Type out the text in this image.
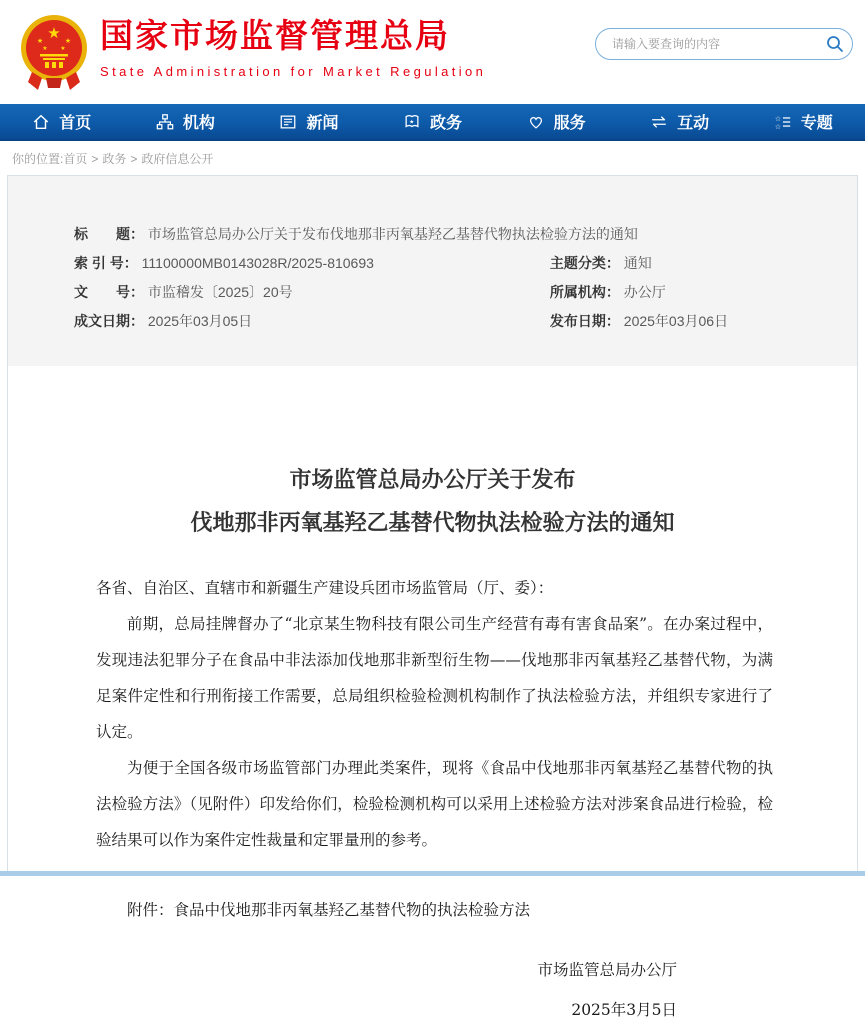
★
★	★
★ ★ 国家市场监督管理总局
State Administration for Market Regulation
请输入要查询的内容
首页	机构	新闻	★ 政务	服务	互动	☆
☆ 专题
你的位置:首页 > 政务 > 政府信息公开
标　　题： 市场监管总局办公厅关于发布伐地那非丙氧基羟乙基替代物执法检验方法的通知
索 引 号： 11100000MB0143028R/2025-810693	主题分类： 通知
文　　号： 市监稽发〔2025〕20号	所属机构： 办公厅
成文日期： 2025年03月05日	发布日期： 2025年03月06日
市场监管总局办公厅关于发布
伐地那非丙氧基羟乙基替代物执法检验方法的通知

各省、自治区、直辖市和新疆生产建设兵团市场监管局（厅、委）：

前期，总局挂牌督办了“北京某生物科技有限公司生产经营有毒有害食品案”。在办案过程中，发现违法犯罪分子在食品中非法添加伐地那非新型衍生物——伐地那非丙氧基羟乙基替代物，为满足案件定性和行刑衔接工作需要，总局组织检验检测机构制作了执法检验方法，并组织专家进行了认定。

为便于全国各级市场监管部门办理此类案件，现将《食品中伐地那非丙氧基羟乙基替代物的执法检验方法》（见附件）印发给你们，检验检测机构可以采用上述检验方法对涉案食品进行检验，检验结果可以作为案件定性裁量和定罪量刑的参考。

附件：食品中伐地那非丙氧基羟乙基替代物的执法检验方法
市场监管总局办公厅
2025年3月5日
